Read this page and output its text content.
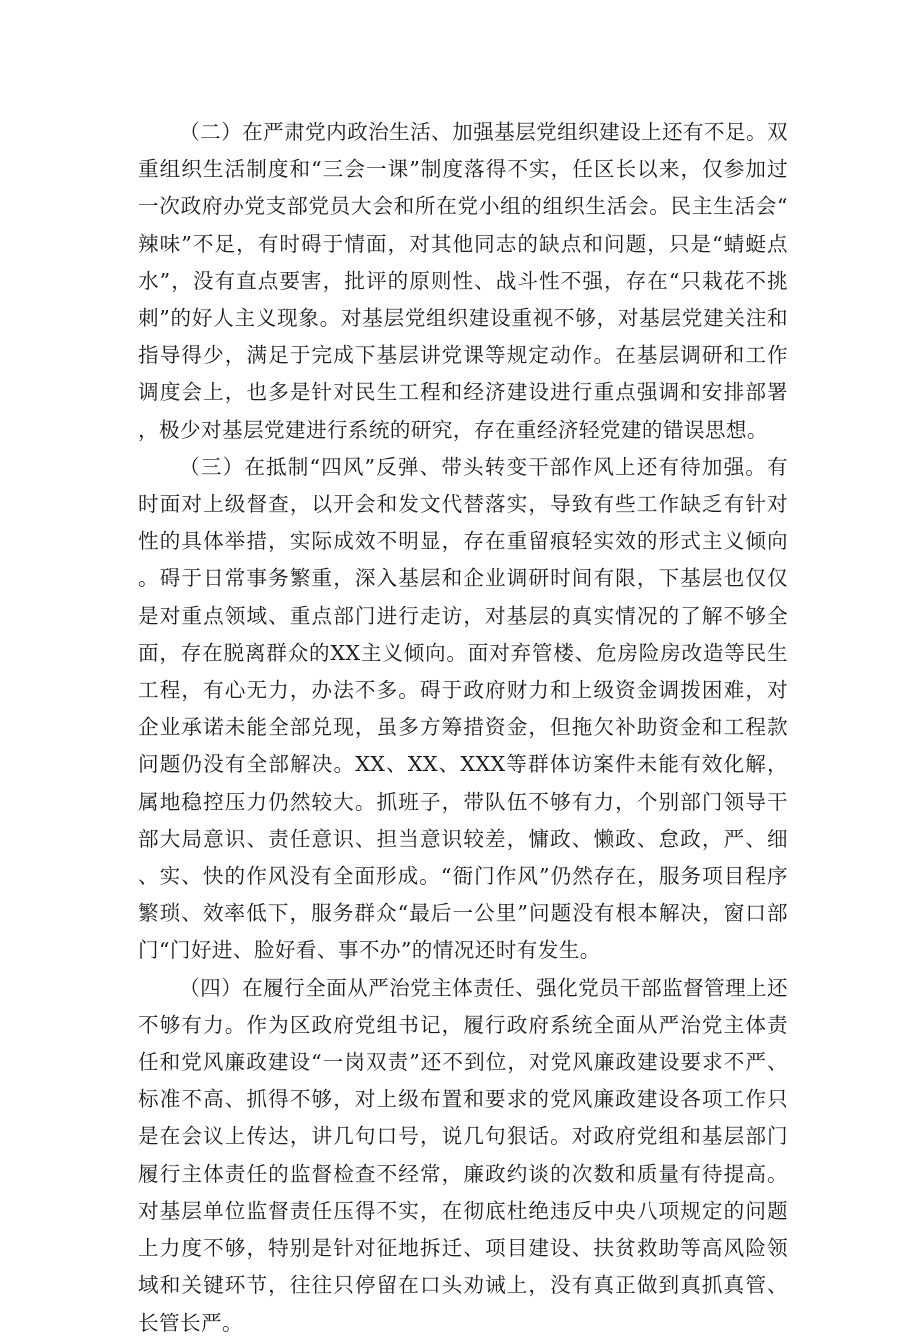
（二）在严肃党内政治生活、加强基层党组织建设上还有不足。双重组织生活制度和“三会一课”制度落得不实，任区长以来，仅参加过一次政府办党支部党员大会和所在党小组的组织生活会。民主生活会“辣味”不足，有时碍于情面，对其他同志的缺点和问题，只是“蜻蜓点水”，没有直点要害，批评的原则性、战斗性不强，存在“只栽花不挑刺”的好人主义现象。对基层党组织建设重视不够，对基层党建关注和指导得少，满足于完成下基层讲党课等规定动作。在基层调研和工作调度会上，也多是针对民生工程和经济建设进行重点强调和安排部署，极少对基层党建进行系统的研究，存在重经济轻党建的错误思想。

（三）在抵制“四风”反弹、带头转变干部作风上还有待加强。有时面对上级督查，以开会和发文代替落实，导致有些工作缺乏有针对性的具体举措，实际成效不明显，存在重留痕轻实效的形式主义倾向。碍于日常事务繁重，深入基层和企业调研时间有限，下基层也仅仅是对重点领域、重点部门进行走访，对基层的真实情况的了解不够全面，存在脱离群众的XX主义倾向。面对弃管楼、危房险房改造等民生工程，有心无力，办法不多。碍于政府财力和上级资金调拨困难，对企业承诺未能全部兑现，虽多方筹措资金，但拖欠补助资金和工程款问题仍没有全部解决。XX、XX、XXX等群体访案件未能有效化解，属地稳控压力仍然较大。抓班子，带队伍不够有力，个别部门领导干部大局意识、责任意识、担当意识较差，慵政、懒政、怠政，严、细、实、快的作风没有全面形成。“衙门作风”仍然存在，服务项目程序繁琐、效率低下，服务群众“最后一公里”问题没有根本解决，窗口部门“门好进、脸好看、事不办”的情况还时有发生。

（四）在履行全面从严治党主体责任、强化党员干部监督管理上还不够有力。作为区政府党组书记，履行政府系统全面从严治党主体责任和党风廉政建设“一岗双责”还不到位，对党风廉政建设要求不严、标准不高、抓得不够，对上级布置和要求的党风廉政建设各项工作只是在会议上传达，讲几句口号，说几句狠话。对政府党组和基层部门履行主体责任的监督检查不经常，廉政约谈的次数和质量有待提高。对基层单位监督责任压得不实，在彻底杜绝违反中央八项规定的问题上力度不够，特别是针对征地拆迁、项目建设、扶贫救助等高风险领域和关键环节，往往只停留在口头劝诫上，没有真正做到真抓真管、长管长严。
